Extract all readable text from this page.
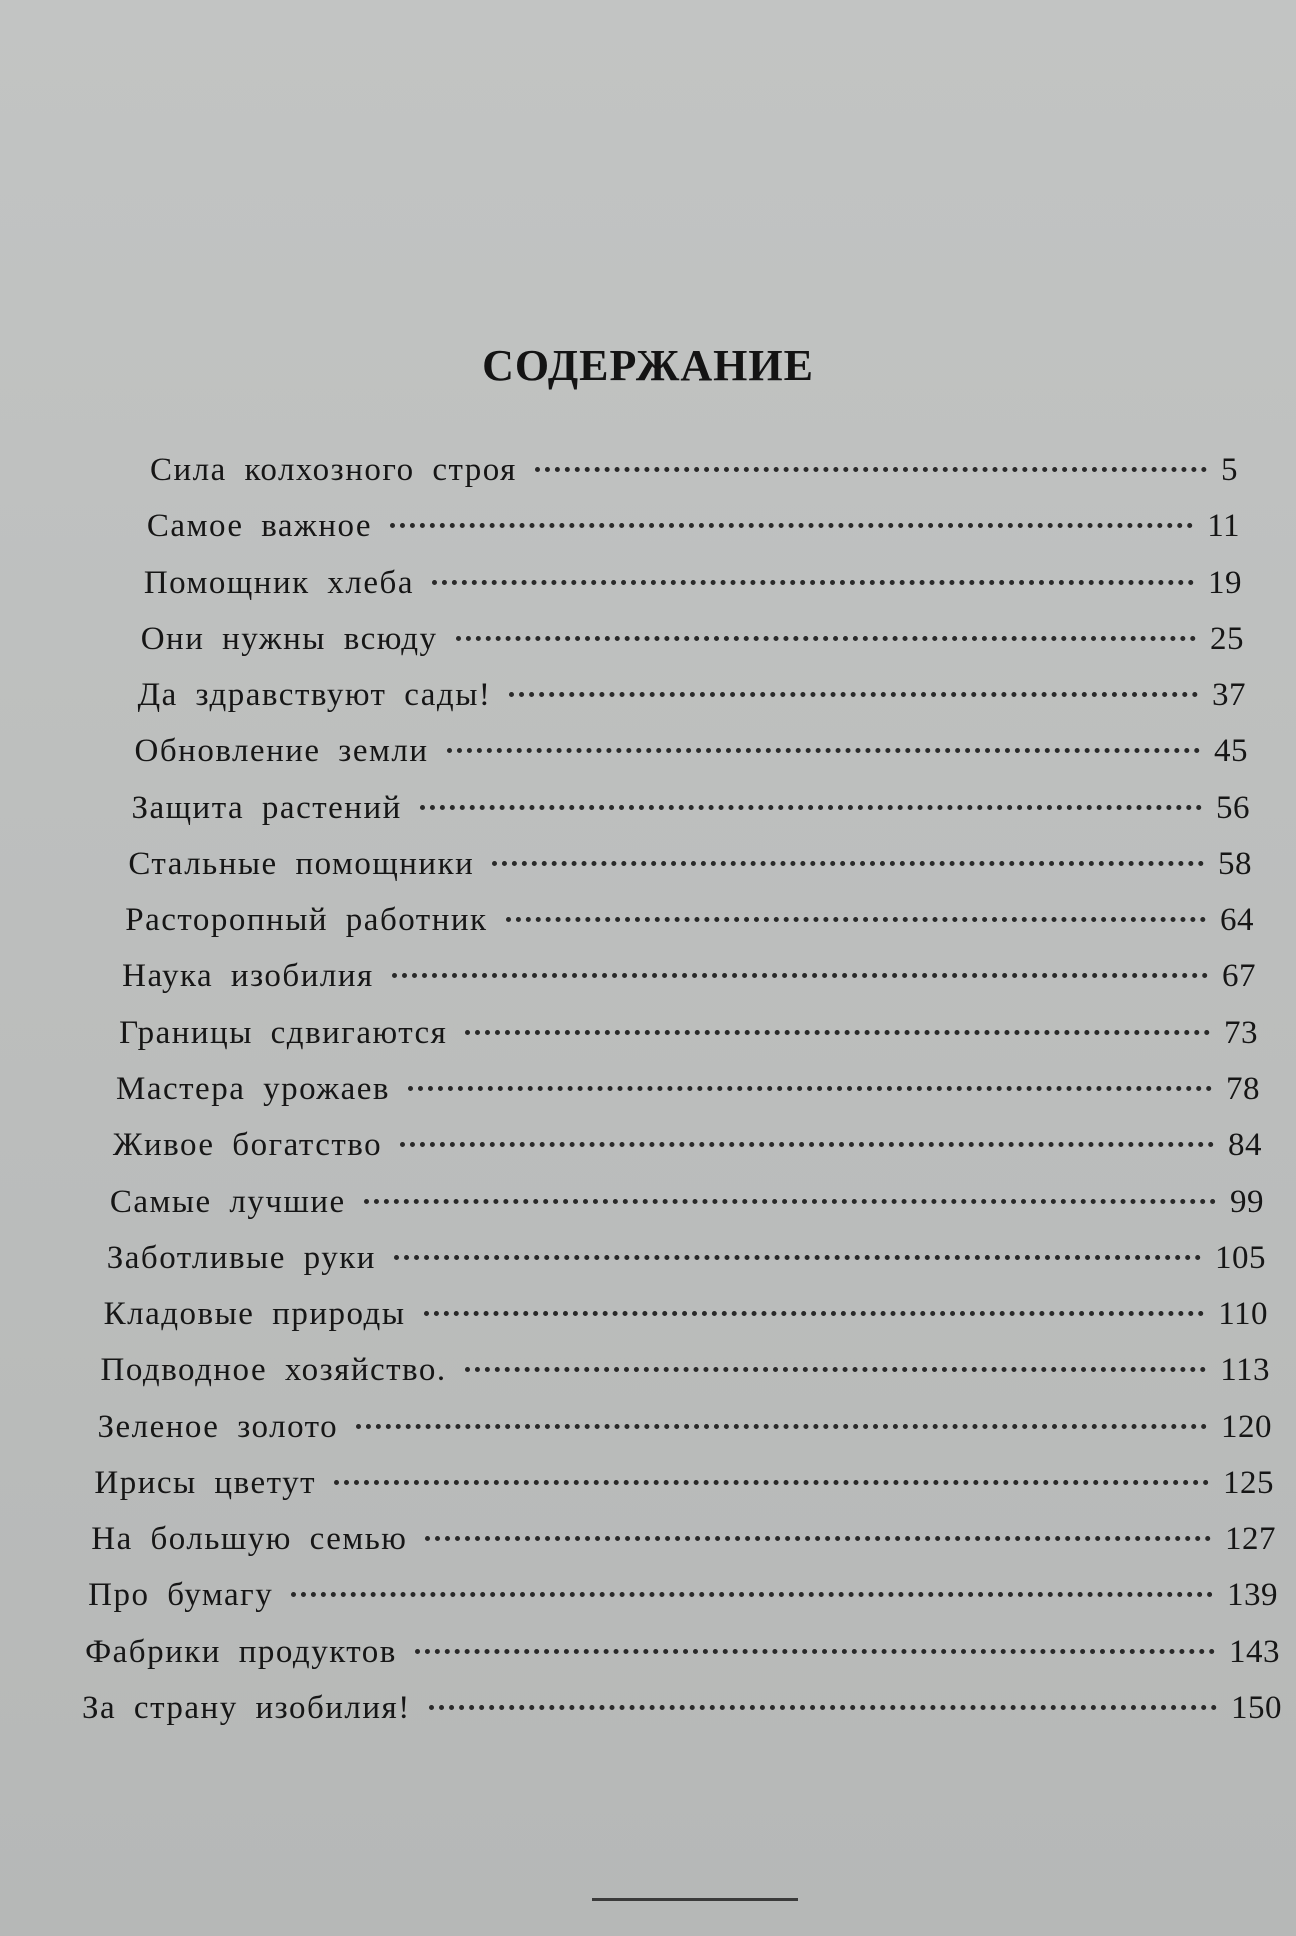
СОДЕРЖАНИЕ
Сила колхозного строя	5
Самое важное	11
Помощник хлеба	19
Они нужны всюду	25
Да здравствуют сады!	37
Обновление земли	45
Защита растений	56
Стальные помощники	58
Расторопный работник	64
Наука изобилия	67
Границы сдвигаются	73
Мастера урожаев	78
Живое богатство	84
Самые лучшие	99
Заботливые руки	105
Кладовые природы	110
Подводное хозяйство.	113
Зеленое золото	120
Ирисы цветут	125
На большую семью	127
Про бумагу	139
Фабрики продуктов	143
За страну изобилия!	150
